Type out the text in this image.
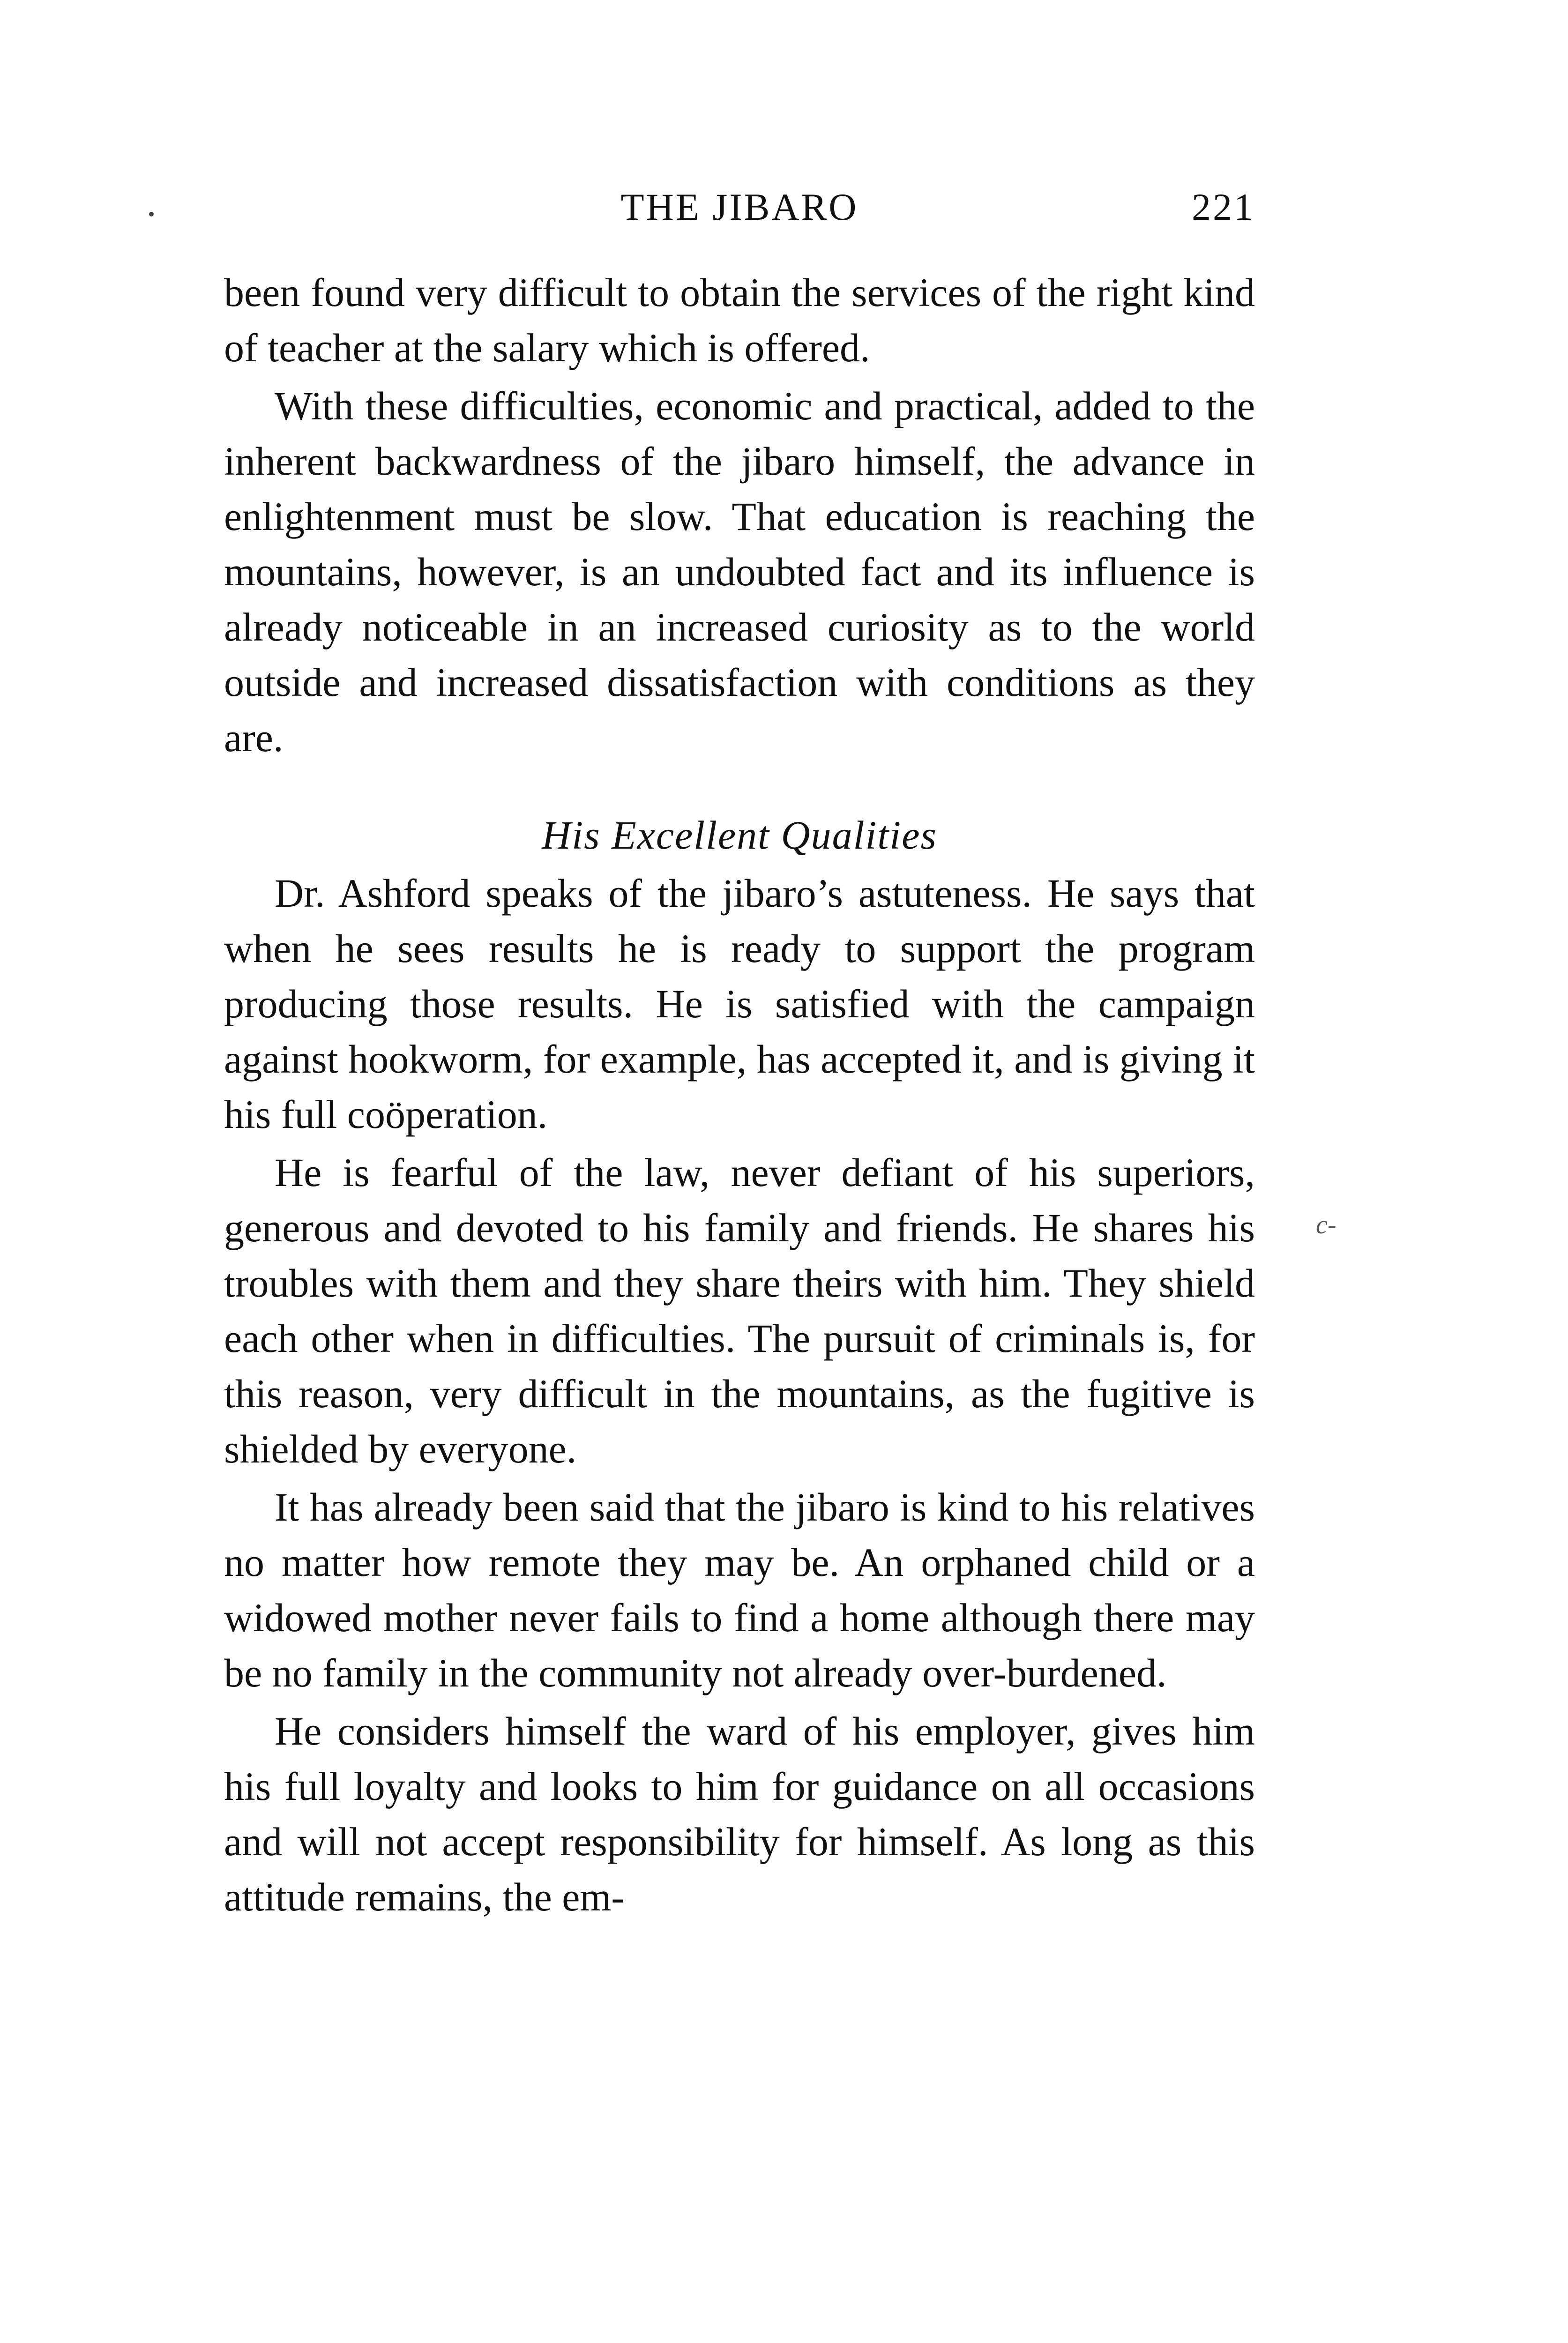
THE JIBARO	221

been found very difficult to obtain the services of the right kind of teacher at the salary which is offered.

With these difficulties, economic and practical, added to the inherent backwardness of the jibaro himself, the advance in enlightenment must be slow. That education is reaching the mountains, however, is an undoubted fact and its influence is already noticeable in an increased curiosity as to the world outside and increased dissatisfaction with conditions as they are.

His Excellent Qualities

Dr. Ashford speaks of the jibaro’s astuteness. He says that when he sees results he is ready to support the program producing those results. He is satisfied with the campaign against hookworm, for example, has accepted it, and is giving it his full coöperation.

He is fearful of the law, never defiant of his superiors, generous and devoted to his family and friends. He shares his troubles with them and they share theirs with him. They shield each other when in difficulties. The pursuit of criminals is, for this reason, very difficult in the mountains, as the fugitive is shielded by everyone.

It has already been said that the jibaro is kind to his relatives no matter how remote they may be. An orphaned child or a widowed mother never fails to find a home although there may be no family in the community not already over-burdened.

He considers himself the ward of his employer, gives him his full loyalty and looks to him for guidance on all occasions and will not accept responsibility for himself. As long as this attitude remains, the em-

c-
